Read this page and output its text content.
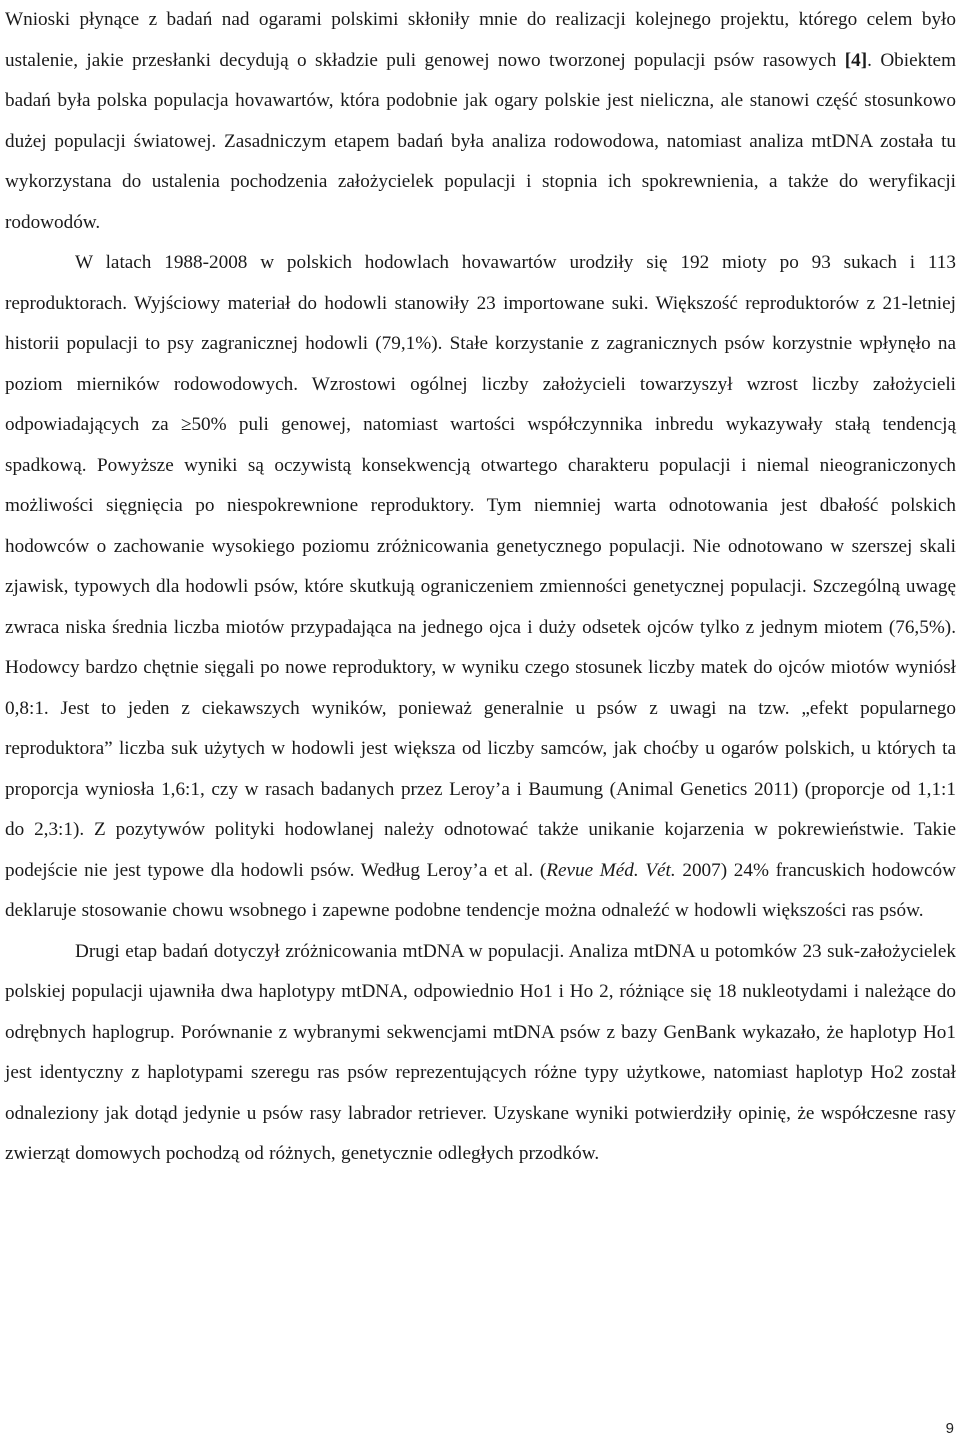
Wnioski płynące z badań nad ogarami polskimi skłoniły mnie do realizacji kolejnego projektu, którego celem było ustalenie, jakie przesłanki decydują o składzie puli genowej nowo tworzonej populacji psów rasowych [4]. Obiektem badań była polska populacja hovawartów, która podobnie jak ogary polskie jest nieliczna, ale stanowi część stosunkowo dużej populacji światowej. Zasadniczym etapem badań była analiza rodowodowa, natomiast analiza mtDNA została tu wykorzystana do ustalenia pochodzenia założycielek populacji i stopnia ich spokrewnienia, a także do weryfikacji rodowodów.

W latach 1988-2008 w polskich hodowlach hovawartów urodziły się 192 mioty po 93 sukach i 113 reproduktorach. Wyjściowy materiał do hodowli stanowiły 23 importowane suki. Większość reproduktorów z 21-letniej historii populacji to psy zagranicznej hodowli (79,1%). Stałe korzystanie z zagranicznych psów korzystnie wpłynęło na poziom mierników rodowodowych. Wzrostowi ogólnej liczby założycieli towarzyszył wzrost liczby założycieli odpowiadających za ≥50% puli genowej, natomiast wartości współczynnika inbredu wykazywały stałą tendencją spadkową. Powyższe wyniki są oczywistą konsekwencją otwartego charakteru populacji i niemal nieograniczonych możliwości sięgnięcia po niespokrewnione reproduktory. Tym niemniej warta odnotowania jest dbałość polskich hodowców o zachowanie wysokiego poziomu zróżnicowania genetycznego populacji. Nie odnotowano w szerszej skali zjawisk, typowych dla hodowli psów, które skutkują ograniczeniem zmienności genetycznej populacji. Szczególną uwagę zwraca niska średnia liczba miotów przypadająca na jednego ojca i duży odsetek ojców tylko z jednym miotem (76,5%). Hodowcy bardzo chętnie sięgali po nowe reproduktory, w wyniku czego stosunek liczby matek do ojców miotów wyniósł 0,8:1. Jest to jeden z ciekawszych wyników, ponieważ generalnie u psów z uwagi na tzw. „efekt popularnego reproduktora” liczba suk użytych w hodowli jest większa od liczby samców, jak choćby u ogarów polskich, u których ta proporcja wyniosła 1,6:1, czy w rasach badanych przez Leroy’a i Baumung (Animal Genetics 2011) (proporcje od 1,1:1 do 2,3:1). Z pozytywów polityki hodowlanej należy odnotować także unikanie kojarzenia w pokrewieństwie. Takie podejście nie jest typowe dla hodowli psów. Według Leroy’a et al. (Revue Méd. Vét. 2007) 24% francuskich hodowców deklaruje stosowanie chowu wsobnego i zapewne podobne tendencje można odnaleźć w hodowli większości ras psów.

Drugi etap badań dotyczył zróżnicowania mtDNA w populacji. Analiza mtDNA u potomków 23 suk-założycielek polskiej populacji ujawniła dwa haplotypy mtDNA, odpowiednio Ho1 i Ho 2, różniące się 18 nukleotydami i należące do odrębnych haplogrup. Porównanie z wybranymi sekwencjami mtDNA psów z bazy GenBank wykazało, że haplotyp Ho1 jest identyczny z haplotypami szeregu ras psów reprezentujących różne typy użytkowe, natomiast haplotyp Ho2 został odnaleziony jak dotąd jedynie u psów rasy labrador retriever. Uzyskane wyniki potwierdziły opinię, że współczesne rasy zwierząt domowych pochodzą od różnych, genetycznie odległych przodków.

9
